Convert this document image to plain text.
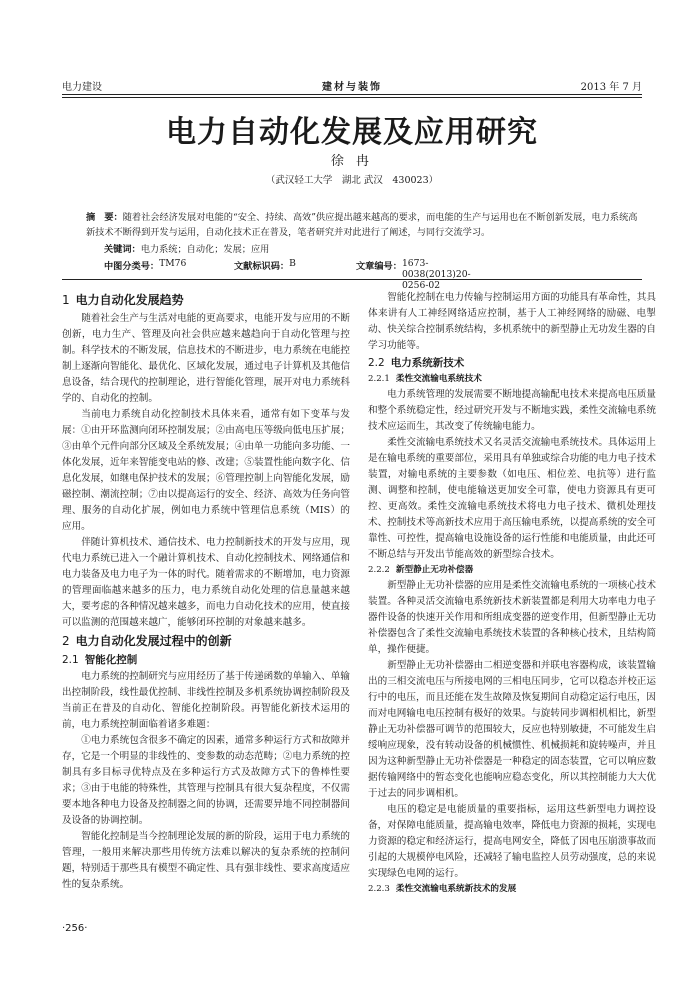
电力建设	建材与装饰	2013 年 7 月
电力自动化发展及应用研究
徐 冉
（武汉轻工大学　湖北 武汉　430023）
摘　要：随着社会经济发展对电能的“安全、持续、高效”供应提出越来越高的要求，而电能的生产与运用也在不断创新发展，电力系统高新技术不断得到开发与运用，自动化技术正在普及，笔者研究并对此进行了阐述，与同行交流学习。
关键词：电力系统；自动化；发展；应用
中图分类号： TM76	文献标识码： B	文章编号： 1673-0038(2013)20-0256-02
1 电力自动化发展趋势

随着社会生产与生活对电能的更高要求，电能开发与应用的不断创新，电力生产、管理及向社会供应越来越趋向于自动化管理与控制。科学技术的不断发展，信息技术的不断进步，电力系统在电能控制上逐渐向智能化、最优化、区域化发展，通过电子计算机及其他信息设备，结合现代的控制理论，进行智能化管理，展开对电力系统科学的、自动化的控制。

当前电力系统自动化控制技术具体来看，通常有如下变革与发展：①由开环监测向闭环控制发展；②由高电压等级向低电压扩展；③由单个元件向部分区域及全系统发展；④由单一功能向多功能、一体化发展，近年来智能变电站的修、改建；⑤装置性能向数字化、信息化发展，如继电保护技术的发展；⑥管理控制上向智能化发展，励磁控制、潮流控制；⑦由以提高运行的安全、经济、高效为任务向管理、服务的自动化扩展，例如电力系统中管理信息系统（MIS）的应用。

伴随计算机技术、通信技术、电力控制新技术的开发与应用，现代电力系统已进入一个融计算机技术、自动化控制技术、网络通信和电力装备及电力电子为一体的时代。随着需求的不断增加，电力资源的管理面临越来越多的压力，电力系统自动化处理的信息量越来越大，要考虑的各种情况越来越多，而电力自动化技术的应用，使直接可以监测的范围越来越广，能够闭环控制的对象越来越多。

2 电力自动化发展过程中的创新
2.1 智能化控制

电力系统的控制研究与应用经历了基于传递函数的单输入、单输出控制阶段，线性最优控制、非线性控制及多机系统协调控制阶段及当前正在普及的自动化、智能化控制阶段。再智能化新技术运用的前，电力系统控制面临着诸多难题：

①电力系统包含很多不确定的因素，通常多种运行方式和故障并存，它是一个明显的非线性的、变参数的动态范畴；②电力系统的控制具有多目标寻优特点及在多种运行方式及故障方式下的鲁棒性要求；③由于电能的特殊性，其管理与控制具有很大复杂程度，不仅需要本地各种电力设备及控制器之间的协调，还需要异地不同控制器间及设备的协调控制。

智能化控制是当今控制理论发展的新的阶段，运用于电力系统的管理，一般用来解决那些用传统方法难以解决的复杂系统的控制问题，特别适于那些具有模型不确定性、具有强非线性、要求高度适应性的复杂系统。

智能化控制在电力传输与控制运用方面的功能具有革命性，其具体来讲有人工神经网络适应控制，基于人工神经网络的励磁、电掣动、快关综合控制系统结构，多机系统中的新型静止无功发生器的自学习功能等。

2.2 电力系统新技术
2.2.1 柔性交流输电系统技术

电力系统管理的发展需要不断地提高输配电技术来提高电压质量和整个系统稳定性，经过研究开发与不断地实践，柔性交流输电系统技术应运而生，其改变了传统输电能力。

柔性交流输电系统技术又名灵活交流输电系统技术。具体运用上是在输电系统的重要部位，采用具有单独或综合功能的电力电子技术装置，对输电系统的主要参数（如电压、相位差、电抗等）进行监测、调整和控制，使电能输送更加安全可靠，使电力资源具有更可控、更高效。柔性交流输电系统技术将电力电子技术、微机处理技术、控制技术等高新技术应用于高压输电系统，以提高系统的安全可靠性、可控性，提高输电设施设备的运行性能和电能质量，由此还可不断总结与开发出节能高效的新型综合技术。

2.2.2 新型静止无功补偿器

新型静止无功补偿器的应用是柔性交流输电系统的一项核心技术装置。各种灵活交流输电系统新技术新装置都是利用大功率电力电子器件设备的快速开关作用和所组成变器的逆变作用，但新型静止无功补偿器包含了柔性交流输电系统技术装置的各种核心技术，且结构简单，操作便捷。

新型静止无功补偿器由二相逆变器和并联电容器构成，该装置输出的三相交流电压与所接电网的三相电压同步，它可以稳态并校正运行中的电压，而且还能在发生故障及恢复期间自动稳定运行电压，因而对电网输电电压控制有极好的效果。与旋转同步调相机相比，新型静止无功补偿器可调节的范围较大，反应也特别敏捷，不可能发生启绥响应现象，没有转动设备的机械惯性、机械损耗和旋转噪声，并且因为这种新型静止无功补偿器是一种稳定的固态装置，它可以响应数据传输网络中的暂态变化也能响应稳态变化，所以其控制能力大大优于过去的同步调相机。

电压的稳定是电能质量的重要指标，运用这些新型电力调控设备，对保障电能质量，提高输电效率，降低电力资源的损耗，实现电力资源的稳定和经济运行，提高电网安全，降低了因电压崩溃事故而引起的大规模停电风险，还减轻了输电监控人员劳动强度，总的来说实现绿色电网的运行。

2.2.3 柔性交流输电系统新技术的发展
·256·
